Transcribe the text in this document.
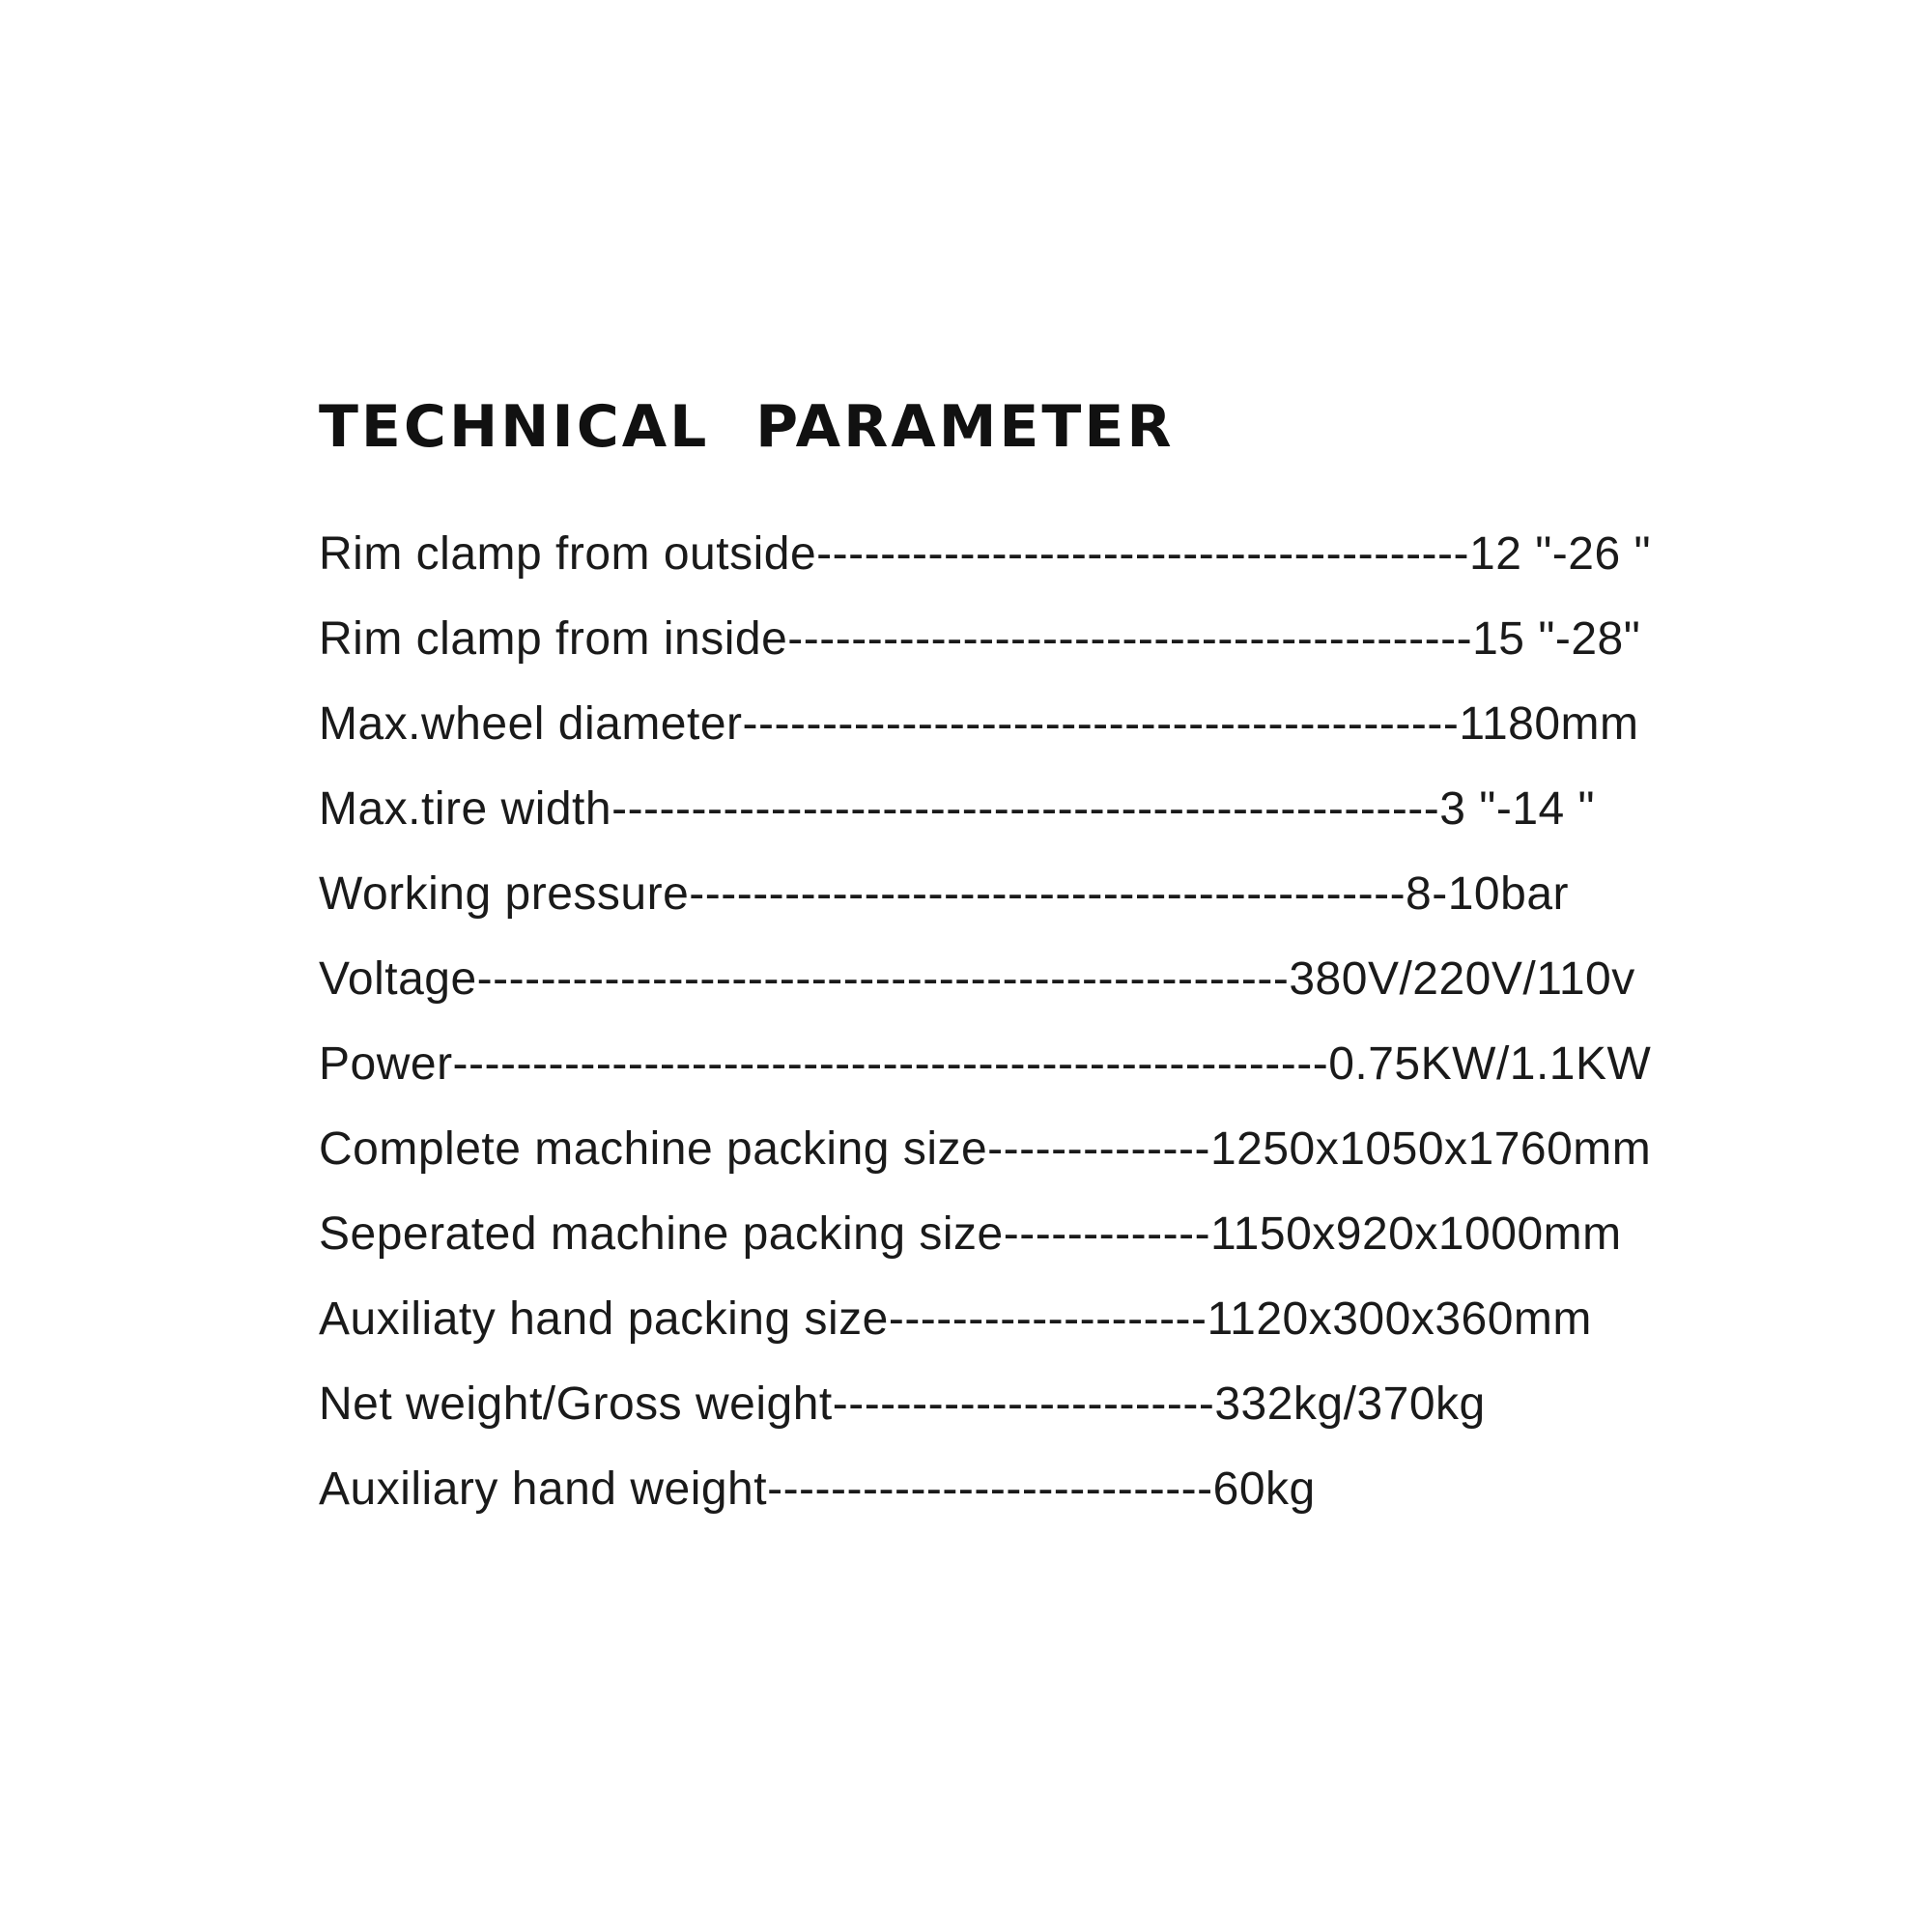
TECHNICAL  PARAMETER
Rim clamp from outside-----------------------------------------12 "-26 "
Rim clamp from inside-------------------------------------------15 "-28"
Max.wheel diameter---------------------------------------------1180mm
Max.tire width----------------------------------------------------3 "-14 "
Working pressure---------------------------------------------8-10bar
Voltage---------------------------------------------------380V/220V/110v
Power-------------------------------------------------------0.75KW/1.1KW
Complete machine packing size--------------1250x1050x1760mm
Seperated machine packing size-------------1150x920x1000mm
Auxiliaty hand packing size--------------------1120x300x360mm
Net weight/Gross weight------------------------332kg/370kg
Auxiliary hand weight----------------------------60kg
